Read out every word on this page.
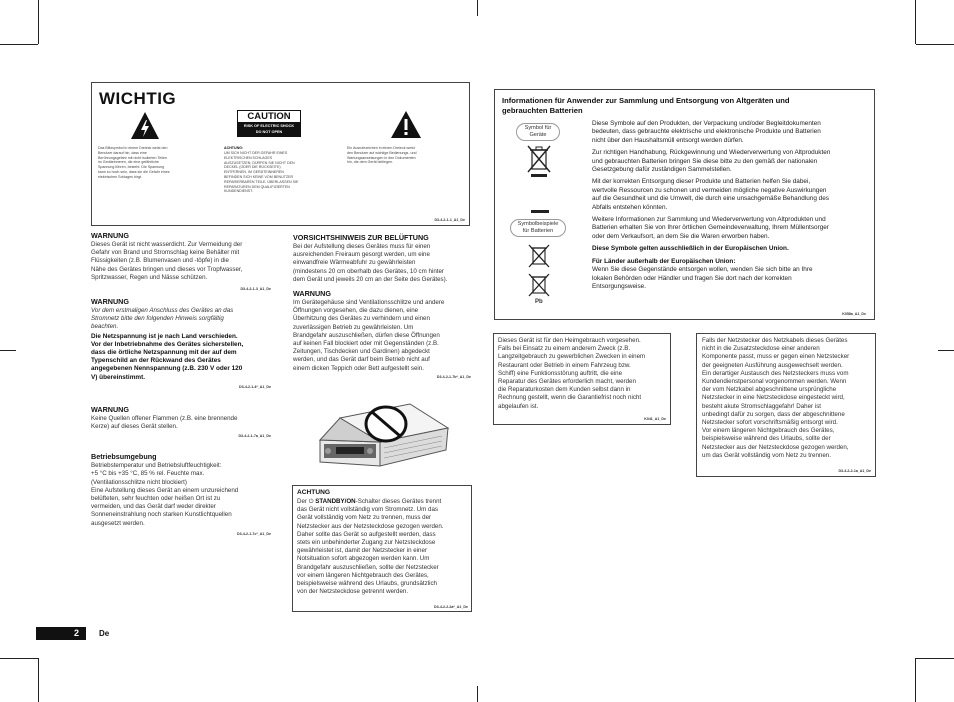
WICHTIG
CAUTION
RISK OF ELECTRIC SHOCK
DO NOT OPEN
Das Blitzsymbol in einem Dreieck weist den
Benutzer darauf hin, dass eine
Berührungsgefahr mit nicht isolierten Teilen
im Geräteinneren, die eine gefährliche
Spannung führen, besteht. Die Spannung
kann so hoch sein, dass sie die Gefahr eines
elektrischen Schlages birgt.
ACHTUNG:
UM SICH NICHT DER GEFAHR EINES
ELEKTRISCHEN SCHLAGES
AUSZUSETZEN, DÜRFEN SIE NICHT DEN
DECKEL (ODER DIE RÜCKSEITE)
ENTFERNEN. IM GERÄTEINNEREN
BEFINDEN SICH KEINE VOM BENUTZER
REPARIERBAREN TEILE. ÜBERLASSEN SIE
REPARATUREN DEM QUALIFIZIERTEN
KUNDENDIENST.
Ein Ausrufezeichen in einem Dreieck weist
den Benutzer auf wichtige Bedienungs- und
Wartungsanweisungen in den Dokumenten
hin, die dem Gerät beiliegen.
D3-4-2-1-1_A1_De
WARNUNG
Dieses Gerät ist nicht wasserdicht. Zur Vermeidung der
Gefahr von Brand und Stromschlag keine Behälter mit
Flüssigkeiten (z.B. Blumenvasen und -töpfe) in die
Nähe des Gerätes bringen und dieses vor Tropfwasser,
Spritzwasser, Regen und Nässe schützen.
D3-4-2-1-3_A1_De
WARNUNG
Vor dem erstmaligen Anschluss des Gerätes an das
Stromnetz bitte den folgenden Hinweis sorgfältig
beachten.
Die Netzspannung ist je nach Land verschieden.
Vor der Inbetriebnahme des Gerätes sicherstellen,
dass die örtliche Netzspannung mit der auf dem
Typenschild an der Rückwand des Gerätes
angegebenen Nennspannung (z.B. 230 V oder 120
V) übereinstimmt.
D3-4-2-1-4*_A1_De
WARNUNG
Keine Quellen offener Flammen (z.B. eine brennende
Kerze) auf dieses Gerät stellen.
D3-4-2-1-7a_A1_De
Betriebsumgebung
Betriebstemperatur und Betriebsluftfeuchtigkeit:
+5 °C bis +35 °C, 85 % rel. Feuchte max.
(Ventilationsschlitze nicht blockiert)
Eine Aufstellung dieses Gerät an einem unzureichend
belüfteten, sehr feuchten oder heißen Ort ist zu
vermeiden, und das Gerät darf weder direkter
Sonneneinstrahlung noch starken Kunstlichtquellen
ausgesetzt werden.
D3-4-2-1-7c*_A1_De
VORSICHTSHINWEIS ZUR BELÜFTUNG
Bei der Aufstellung dieses Gerätes muss für einen
ausreichenden Freiraum gesorgt werden, um eine
einwandfreie Wärmeabfuhr zu gewährleisten
(mindestens 20 cm oberhalb des Gerätes, 10 cm hinter
dem Gerät und jeweils 20 cm an der Seite des Gerätes).
WARNUNG
Im Gerätegehäuse sind Ventilationsschlitze und andere
Öffnungen vorgesehen, die dazu dienen, eine
Überhitzung des Gerätes zu verhindern und einen
zuverlässigen Betrieb zu gewährleisten. Um
Brandgefahr auszuschließen, dürfen diese Öffnungen
auf keinen Fall blockiert oder mit Gegenständen (z.B.
Zeitungen, Tischdecken und Gardinen) abgedeckt
werden, und das Gerät darf beim Betrieb nicht auf
einem dicken Teppich oder Bett aufgestellt sein.
D3-4-2-1-7b*_A1_De
ACHTUNG
Der ⏻ STANDBY/ON-Schalter dieses Gerätes trennt
das Gerät nicht vollständig vom Stromnetz. Um das
Gerät vollständig vom Netz zu trennen, muss der
Netzstecker aus der Netzsteckdose gezogen werden.
Daher sollte das Gerät so aufgestellt werden, dass
stets ein unbehinderter Zugang zur Netzsteckdose
gewährleistet ist, damit der Netzstecker in einer
Notsituation sofort abgezogen werden kann. Um
Brandgefahr auszuschließen, sollte der Netzstecker
vor einem längeren Nichtgebrauch des Gerätes,
beispielsweise während des Urlaubs, grundsätzlich
von der Netzsteckdose getrennt werden.
D3-4-2-2-2a*_A1_De
Informationen für Anwender zur Sammlung und Entsorgung von Altgeräten und
gebrauchten Batterien
Symbol für
Geräte
Symbolbeispiele
für Batterien
Pb
Diese Symbole auf den Produkten, der Verpackung und/oder Begleitdokumenten
bedeuten, dass gebrauchte elektrische und elektronische Produkte und Batterien
nicht über den Haushaltsmüll entsorgt werden dürfen.
Zur richtigen Handhabung, Rückgewinnung und Wiederverwertung von Altprodukten
und gebrauchten Batterien bringen Sie diese bitte zu den gemäß der nationalen
Gesetzgebung dafür zuständigen Sammelstellen.
Mit der korrekten Entsorgung dieser Produkte und Batterien helfen Sie dabei,
wertvolle Ressourcen zu schonen und vermeiden mögliche negative Auswirkungen
auf die Gesundheit und die Umwelt, die durch eine unsachgemäße Behandlung des
Abfalls entstehen könnten.
Weitere Informationen zur Sammlung und Wiederverwertung von Altprodukten und
Batterien erhalten Sie von Ihrer örtlichen Gemeindeverwaltung, Ihrem Müllentsorger
oder dem Verkaufsort, an dem Sie die Waren erworben haben.
Diese Symbole gelten ausschließlich in der Europäischen Union.
Für Länder außerhalb der Europäischen Union:
Wenn Sie diese Gegenstände entsorgen wollen, wenden Sie sich bitte an Ihre
lokalen Behörden oder Händler und fragen Sie dort nach der korrekten
Entsorgungsweise.
K058a_A1_De
Dieses Gerät ist für den Heimgebrauch vorgesehen.
Falls bei Einsatz zu einem anderem Zweck (z.B.
Langzeitgebrauch zu gewerblichen Zwecken in einem
Restaurant oder Betrieb in einem Fahrzeug bzw.
Schiff) eine Funktionsstörung auftritt, die eine
Reparatur des Gerätes erforderlich macht, werden
die Reparaturkosten dem Kunden selbst dann in
Rechnung gestellt, wenn die Garantiefrist noch nicht
abgelaufen ist.
K041_A1_De
Falls der Netzstecker des Netzkabels dieses Gerätes
nicht in die Zusatzsteckdose einer anderen
Komponente passt, muss er gegen einen Netzstecker
der geeigneten Ausführung ausgewechselt werden.
Ein derartiger Austausch des Netzsteckers muss vom
Kundendienstpersonal vorgenommen werden. Wenn
der vom Netzkabel abgeschnittene ursprüngliche
Netzstecker in eine Netzsteckdose eingesteckt wird,
besteht akute Stromschlaggefahr! Daher ist
unbedingt dafür zu sorgen, dass der abgeschnittene
Netzstecker sofort vorschriftsmäßig entsorgt wird.
Vor einem längeren Nichtgebrauch des Gerätes,
beispielsweise während des Urlaubs, sollte der
Netzstecker aus der Netzsteckdose gezogen werden,
um das Gerät vollständig vom Netz zu trennen.
D3-4-2-2-1a_A1_De
2 De
